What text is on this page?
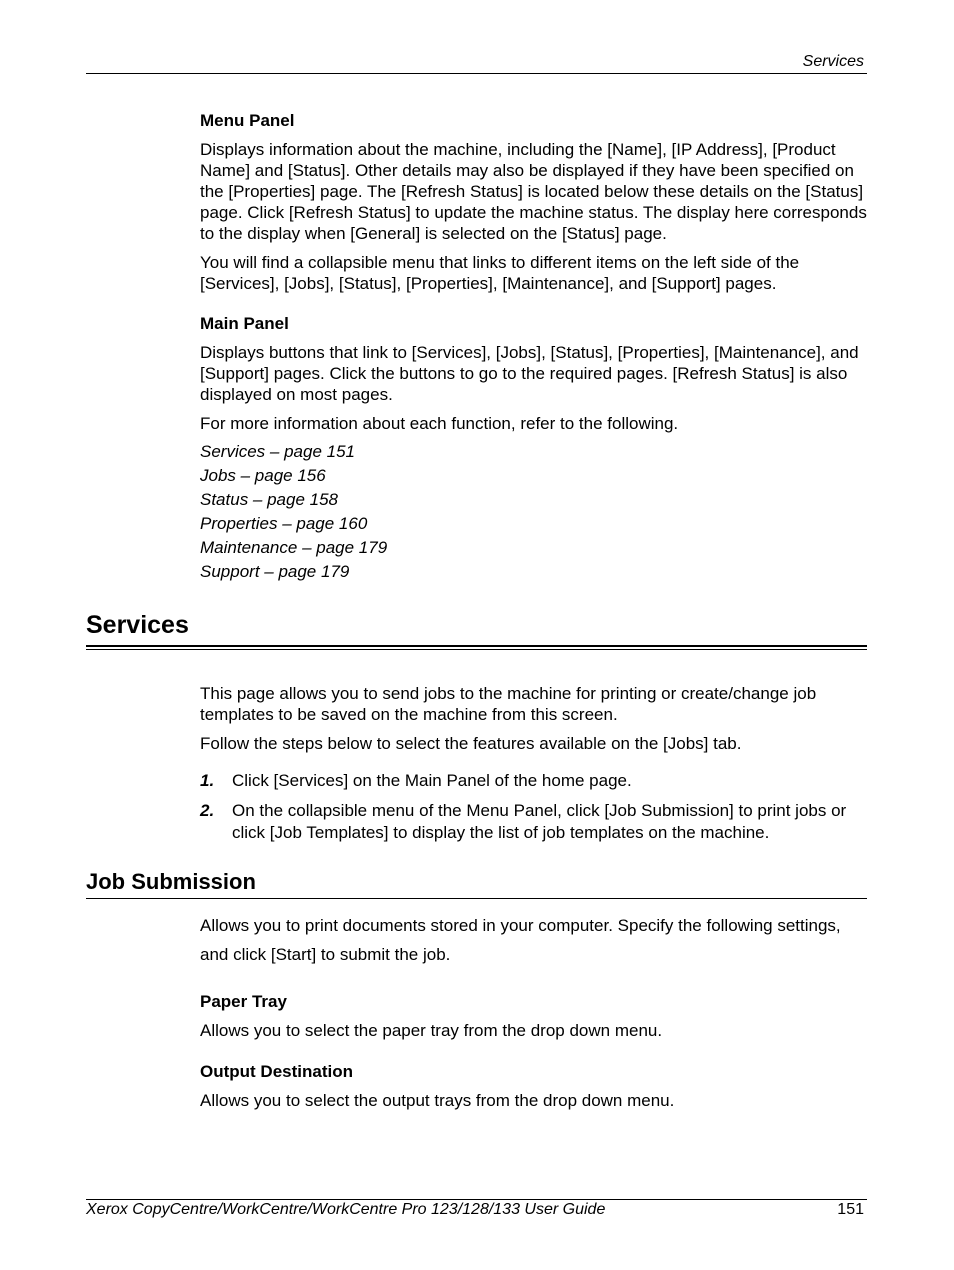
Services

Menu Panel

Displays information about the machine, including the [Name], [IP Address], [Product Name] and [Status]. Other details may also be displayed if they have been specified on the [Properties] page. The [Refresh Status] is located below these details on the [Status] page. Click [Refresh Status] to update the machine status. The display here corresponds to the display when [General] is selected on the [Status] page.

You will find a collapsible menu that links to different items on the left side of the [Services], [Jobs], [Status], [Properties], [Maintenance], and [Support] pages.

Main Panel

Displays buttons that link to [Services], [Jobs], [Status], [Properties], [Maintenance], and [Support] pages. Click the buttons to go to the required pages. [Refresh Status] is also displayed on most pages.

For more information about each function, refer to the following.

Services – page 151
Jobs – page 156
Status – page 158
Properties – page 160
Maintenance – page 179
Support – page 179
Services

This page allows you to send jobs to the machine for printing or create/change job templates to be saved on the machine from this screen.

Follow the steps below to select the features available on the [Jobs] tab.

1. Click [Services] on the Main Panel of the home page.
2. On the collapsible menu of the Menu Panel, click [Job Submission] to print jobs or click [Job Templates] to display the list of job templates on the machine.
Job Submission

Allows you to print documents stored in your computer. Specify the following settings, and click [Start] to submit the job.

Paper Tray

Allows you to select the paper tray from the drop down menu.

Output Destination

Allows you to select the output trays from the drop down menu.

Xerox CopyCentre/WorkCentre/WorkCentre Pro 123/128/133 User Guide	151
